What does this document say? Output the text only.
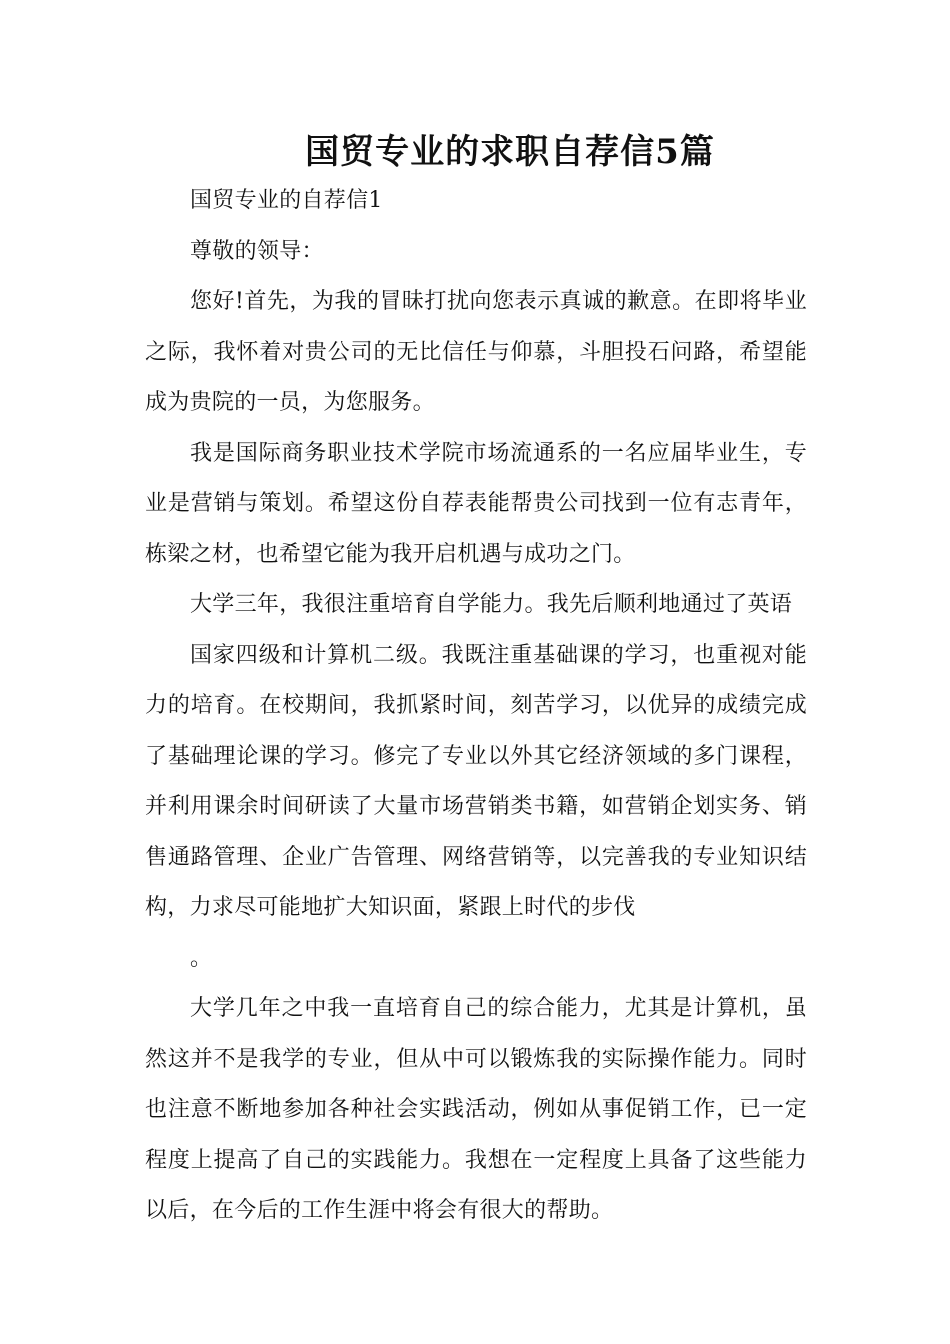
国贸专业的求职自荐信5篇

国贸专业的自荐信1

尊敬的领导：

您好!首先，为我的冒昧打扰向您表示真诚的歉意。在即将毕业之际，我怀着对贵公司的无比信任与仰慕，斗胆投石问路，希望能成为贵院的一员，为您服务。

我是国际商务职业技术学院市场流通系的一名应届毕业生，专业是营销与策划。希望这份自荐表能帮贵公司找到一位有志青年，栋梁之材，也希望它能为我开启机遇与成功之门。

大学三年，我很注重培育自学能力。我先后顺利地通过了英语

国家四级和计算机二级。我既注重基础课的学习，也重视对能力的培育。在校期间，我抓紧时间，刻苦学习，以优异的成绩完成了基础理论课的学习。修完了专业以外其它经济领域的多门课程，并利用课余时间研读了大量市场营销类书籍，如营销企划实务、销售通路管理、企业广告管理、网络营销等，以完善我的专业知识结构，力求尽可能地扩大知识面，紧跟上时代的步伐

。

大学几年之中我一直培育自己的综合能力，尤其是计算机，虽然这并不是我学的专业，但从中可以锻炼我的实际操作能力。同时也注意不断地参加各种社会实践活动，例如从事促销工作，已一定程度上提高了自己的实践能力。我想在一定程度上具备了这些能力以后，在今后的工作生涯中将会有很大的帮助。
